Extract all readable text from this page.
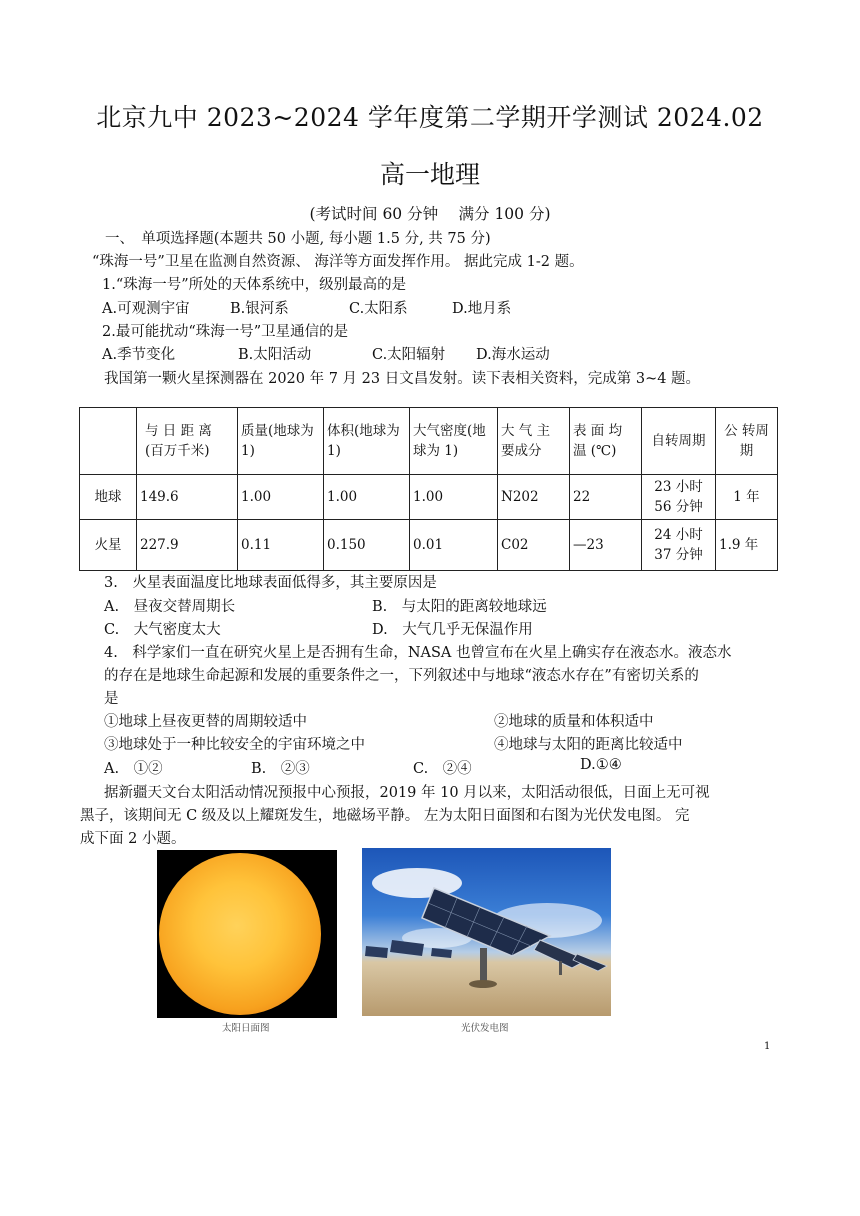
北京九中 2023~2024 学年度第二学期开学测试 2024.02
高一地理
(考试时间 60 分钟　 满分 100 分)
一、　单项选择题(本题共 50 小题, 每小题 1.5 分, 共 75 分)
“珠海一号”卫星在监测自然资源、 海洋等方面发挥作用。 据此完成 1-2 题。
1.“珠海一号”所处的天体系统中，级别最高的是
A.可观测宇宙	B.银河系	C.太阳系	D.地月系
2.最可能扰动“珠海一号”卫星通信的是
A.季节变化	B.太阳活动	C.太阳辐射 D.海水运动
我国第一颗火星探测器在 2020 年 7 月 23 日文昌发射。读下表相关资料，完成第 3~4 题。
	与 日 距 离 (百万千米)	质量(地球为 1)	体积(地球为 1)	大气密度(地球为 1)	大 气 主 要成分	表 面 均 温 (℃)	自转周期	公 转周期
地球	149.6	1.00	1.00	1.00	N202	22	23 小时 56 分钟	1 年
火星	227.9	0.11	0.150	0.01	C02	—23	24 小时 37 分钟	1.9 年
3.　火星表面温度比地球表面低得多，其主要原因是
A.　昼夜交替周期长	B.　与太阳的距离较地球远
C.　大气密度太大	D.　大气几乎无保温作用
4.　科学家们一直在研究火星上是否拥有生命，NASA 也曾宣布在火星上确实存在液态水。液态水
的存在是地球生命起源和发展的重要条件之一，下列叙述中与地球“液态水存在”有密切关系的
是
①地球上昼夜更替的周期较适中	②地球的质量和体积适中
③地球处于一种比较安全的宇宙环境之中	④地球与太阳的距离比较适中
A.　①②	B.　②③	C.　②④	D.①④
据新疆天文台太阳活动情况预报中心预报，2019 年 10 月以来，太阳活动很低，日面上无可视
黑子，该期间无 C 级及以上耀斑发生，地磁场平静。 左为太阳日面图和右图为光伏发电图。 完
成下面 2 小题。
太阳日面图	光伏发电图
1
